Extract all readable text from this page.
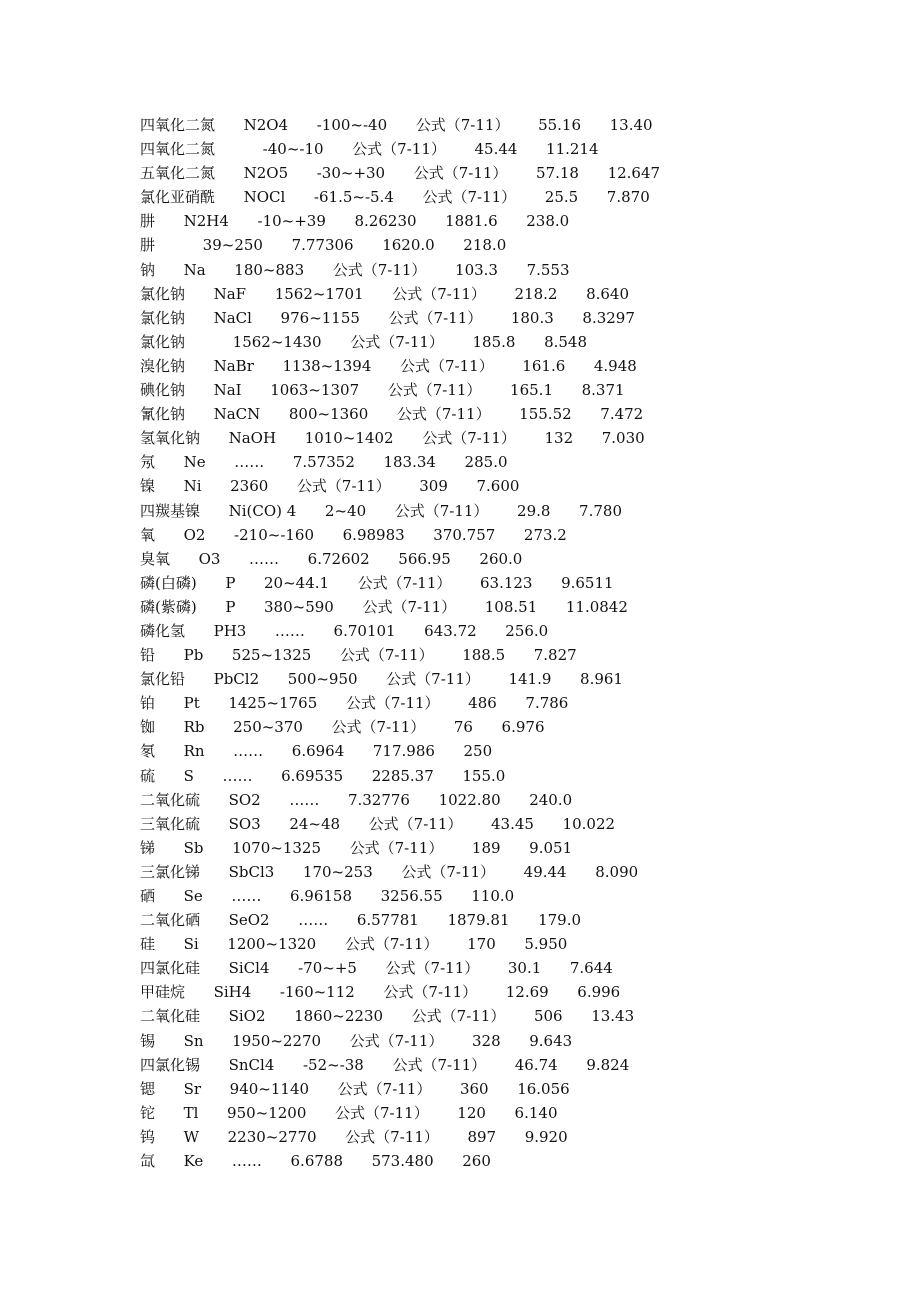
四氧化二氮      N2O4      -100~-40      公式（7-11）      55.16      13.40
四氧化二氮          -40~-10      公式（7-11）      45.44      11.214
五氧化二氮      N2O5      -30~+30      公式（7-11）      57.18      12.647
氯化亚硝酰      NOCl      -61.5~-5.4      公式（7-11）      25.5      7.870
肼      N2H4      -10~+39      8.26230      1881.6      238.0
肼          39~250      7.77306      1620.0      218.0
钠      Na      180~883      公式（7-11）      103.3      7.553
氯化钠      NaF      1562~1701      公式（7-11）      218.2      8.640
氯化钠      NaCl      976~1155      公式（7-11）      180.3      8.3297
氯化钠          1562~1430      公式（7-11）      185.8      8.548
溴化钠      NaBr      1138~1394      公式（7-11）      161.6      4.948
碘化钠      NaI      1063~1307      公式（7-11）      165.1      8.371
氰化钠      NaCN      800~1360      公式（7-11）      155.52      7.472
氢氧化钠      NaOH      1010~1402      公式（7-11）      132      7.030
氖      Ne      ……      7.57352      183.34      285.0
镍      Ni      2360      公式（7-11）      309      7.600
四羰基镍      Ni(CO) 4      2~40      公式（7-11）      29.8      7.780
氧      O2      -210~-160      6.98983      370.757      273.2
臭氧      O3      ……      6.72602      566.95      260.0
磷(白磷)      P      20~44.1      公式（7-11）      63.123      9.6511
磷(紫磷)      P      380~590      公式（7-11）      108.51      11.0842
磷化氢      PH3      ……      6.70101      643.72      256.0
铅      Pb      525~1325      公式（7-11）      188.5      7.827
氯化铅      PbCl2      500~950      公式（7-11）      141.9      8.961
铂      Pt      1425~1765      公式（7-11）      486      7.786
铷      Rb      250~370      公式（7-11）      76      6.976
氡      Rn      ……      6.6964      717.986      250
硫      S      ……      6.69535      2285.37      155.0
二氧化硫      SO2      ……      7.32776      1022.80      240.0
三氧化硫      SO3      24~48      公式（7-11）      43.45      10.022
锑      Sb      1070~1325      公式（7-11）      189      9.051
三氯化锑      SbCl3      170~253      公式（7-11）      49.44      8.090
硒      Se      ……      6.96158      3256.55      110.0
二氧化硒      SeO2      ……      6.57781      1879.81      179.0
硅      Si      1200~1320      公式（7-11）      170      5.950
四氯化硅      SiCl4      -70~+5      公式（7-11）      30.1      7.644
甲硅烷      SiH4      -160~112      公式（7-11）      12.69      6.996
二氧化硅      SiO2      1860~2230      公式（7-11）      506      13.43
锡      Sn      1950~2270      公式（7-11）      328      9.643
四氯化锡      SnCl4      -52~-38      公式（7-11）      46.74      9.824
锶      Sr      940~1140      公式（7-11）      360      16.056
铊      Tl      950~1200      公式（7-11）      120      6.140
钨      W      2230~2770      公式（7-11）      897      9.920
氙      Ke      ……      6.6788      573.480      260
